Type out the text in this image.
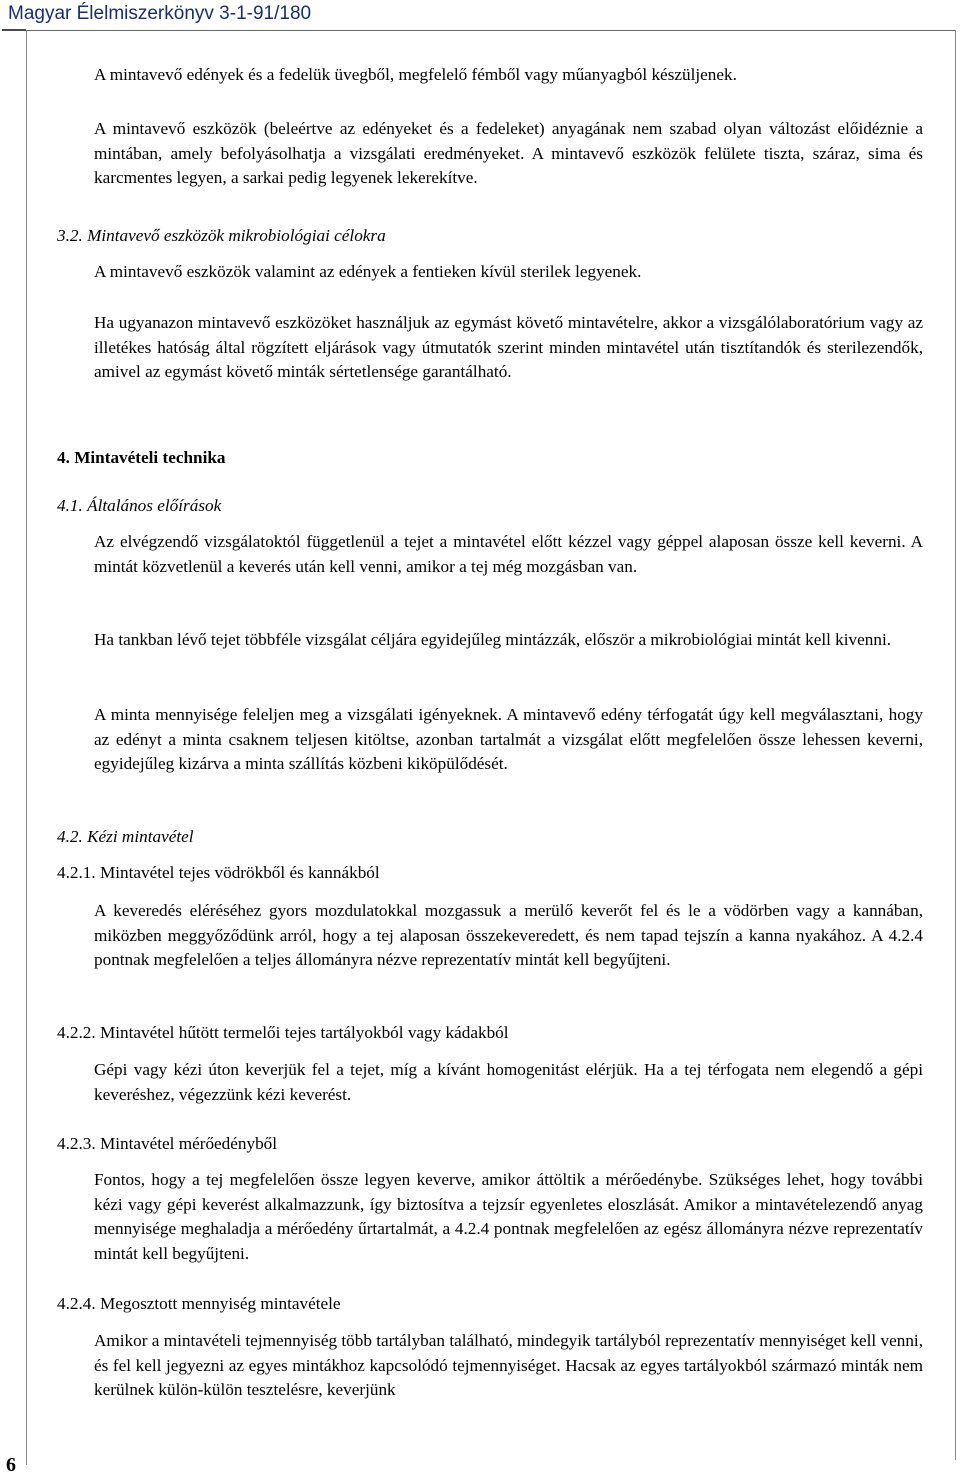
Magyar Élelmiszerkönyv 3-1-91/180

A mintavevő edények és a fedelük üvegből, megfelelő fémből vagy műanyagból készüljenek.

A mintavevő eszközök (beleértve az edényeket és a fedeleket) anyagának nem szabad olyan változást előidéznie a mintában, amely befolyásolhatja a vizsgálati eredményeket. A mintavevő eszközök felülete tiszta, száraz, sima és karcmentes legyen, a sarkai pedig legyenek lekerekítve.

3.2. Mintavevő eszközök mikrobiológiai célokra

A mintavevő eszközök valamint az edények a fentieken kívül sterilek legyenek.

Ha ugyanazon mintavevő eszközöket használjuk az egymást követő mintavételre, akkor a vizsgálólaboratórium vagy az illetékes hatóság által rögzített eljárások vagy útmutatók szerint minden mintavétel után tisztítandók és sterilezendők, amivel az egymást követő minták sértetlensége garantálható.

4. Mintavételi technika

4.1. Általános előírások

Az elvégzendő vizsgálatoktól függetlenül a tejet a mintavétel előtt kézzel vagy géppel alaposan össze kell keverni. A mintát közvetlenül a keverés után kell venni, amikor a tej még mozgásban van.

Ha tankban lévő tejet többféle vizsgálat céljára egyidejűleg mintázzák, először a mikrobiológiai mintát kell kivenni.

A minta mennyisége feleljen meg a vizsgálati igényeknek. A mintavevő edény térfogatát úgy kell megválasztani, hogy az edényt a minta csaknem teljesen kitöltse, azonban tartalmát a vizsgálat előtt megfelelően össze lehessen keverni, egyidejűleg kizárva a minta szállítás közbeni kiköpülődését.

4.2. Kézi mintavétel

4.2.1. Mintavétel tejes vödrökből és kannákból

A keveredés eléréséhez gyors mozdulatokkal mozgassuk a merülő keverőt fel és le a vödörben vagy a kannában, miközben meggyőződünk arról, hogy a tej alaposan összekeveredett, és nem tapad tejszín a kanna nyakához. A 4.2.4 pontnak megfelelően a teljes állományra nézve reprezentatív mintát kell begyűjteni.

4.2.2. Mintavétel hűtött termelői tejes tartályokból vagy kádakból

Gépi vagy kézi úton keverjük fel a tejet, míg a kívánt homogenitást elérjük. Ha a tej térfogata nem elegendő a gépi keveréshez, végezzünk kézi keverést.

4.2.3. Mintavétel mérőedényből

Fontos, hogy a tej megfelelően össze legyen keverve, amikor áttöltik a mérőedénybe. Szükséges lehet, hogy további kézi vagy gépi keverést alkalmazzunk, így biztosítva a tejzsír egyenletes eloszlását. Amikor a mintavételezendő anyag mennyisége meghaladja a mérőedény űrtartalmát, a 4.2.4 pontnak megfelelően az egész állományra nézve reprezentatív mintát kell begyűjteni.

4.2.4. Megosztott mennyiség mintavétele

Amikor a mintavételi tejmennyiség több tartályban található, mindegyik tartályból reprezentatív mennyiséget kell venni, és fel kell jegyezni az egyes mintákhoz kapcsolódó tejmennyiséget. Hacsak az egyes tartályokból származó minták nem kerülnek külön-külön tesztelésre, keverjünk

6
